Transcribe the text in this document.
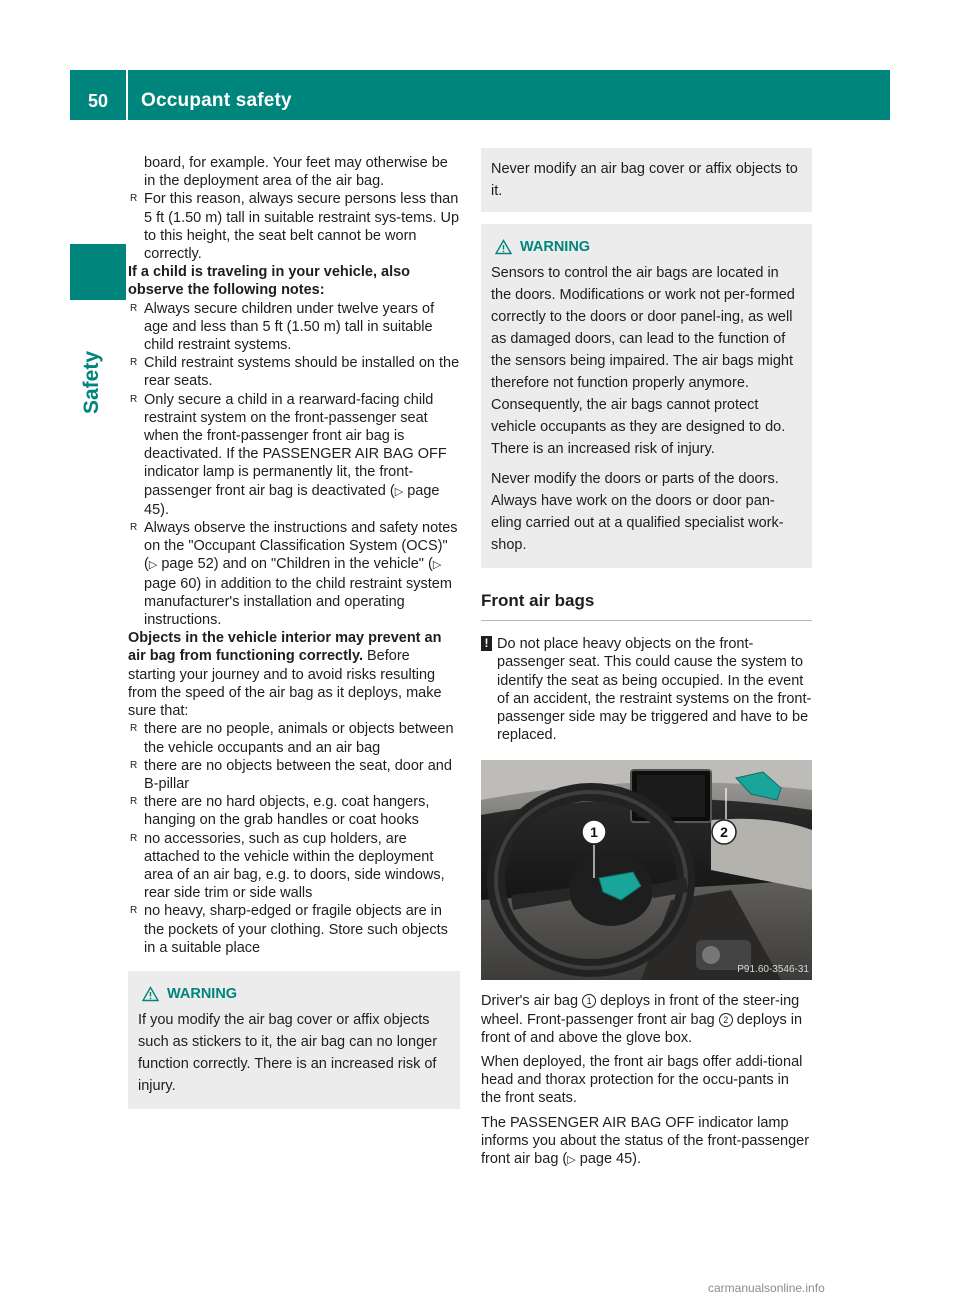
50	Occupant safety
Safety

board, for example. Your feet may otherwise be in the deployment area of the air bag.

R For this reason, always secure persons less than 5 ft (1.50 m) tall in suitable restraint sys-tems. Up to this height, the seat belt cannot be worn correctly.

If a child is traveling in your vehicle, also observe the following notes:

R Always secure children under twelve years of age and less than 5 ft (1.50 m) tall in suitable child restraint systems.
R Child restraint systems should be installed on the rear seats.
R Only secure a child in a rearward-facing child restraint system on the front-passenger seat when the front-passenger front air bag is deactivated. If the PASSENGER AIR BAG OFF indicator lamp is permanently lit, the front-passenger front air bag is deactivated (▷ page 45).
R Always observe the instructions and safety notes on the "Occupant Classification System (OCS)" (▷ page 52) and on "Children in the vehicle" (▷ page 60) in addition to the child restraint system manufacturer's installation and operating instructions.

Objects in the vehicle interior may prevent an air bag from functioning correctly. Before starting your journey and to avoid risks resulting from the speed of the air bag as it deploys, make sure that:

R there are no people, animals or objects between the vehicle occupants and an air bag
R there are no objects between the seat, door and B-pillar
R there are no hard objects, e.g. coat hangers, hanging on the grab handles or coat hooks
R no accessories, such as cup holders, are attached to the vehicle within the deployment area of an air bag, e.g. to doors, side windows, rear side trim or side walls
R no heavy, sharp-edged or fragile objects are in the pockets of your clothing. Store such objects in a suitable place
WARNING

If you modify the air bag cover or affix objects such as stickers to it, the air bag can no longer function correctly. There is an increased risk of injury.

Never modify an air bag cover or affix objects to it.
WARNING

Sensors to control the air bags are located in the doors. Modifications or work not per-formed correctly to the doors or door panel-ing, as well as damaged doors, can lead to the function of the sensors being impaired. The air bags might therefore not function properly anymore. Consequently, the air bags cannot protect vehicle occupants as they are designed to do. There is an increased risk of injury.

Never modify the doors or parts of the doors. Always have work on the doors or door pan-eling carried out at a qualified specialist work-shop.

Front air bags
! Do not place heavy objects on the front-passenger seat. This could cause the system to identify the seat as being occupied. In the event of an accident, the restraint systems on the front-passenger side may be triggered and have to be replaced.
1	2
P91.60-3546-31

Driver's air bag 1 deploys in front of the steer-ing wheel. Front-passenger front air bag 2 deploys in front of and above the glove box.

When deployed, the front air bags offer addi-tional head and thorax protection for the occu-pants in the front seats.

The PASSENGER AIR BAG OFF indicator lamp informs you about the status of the front-passenger front air bag (▷ page 45).

carmanualsonline.info
